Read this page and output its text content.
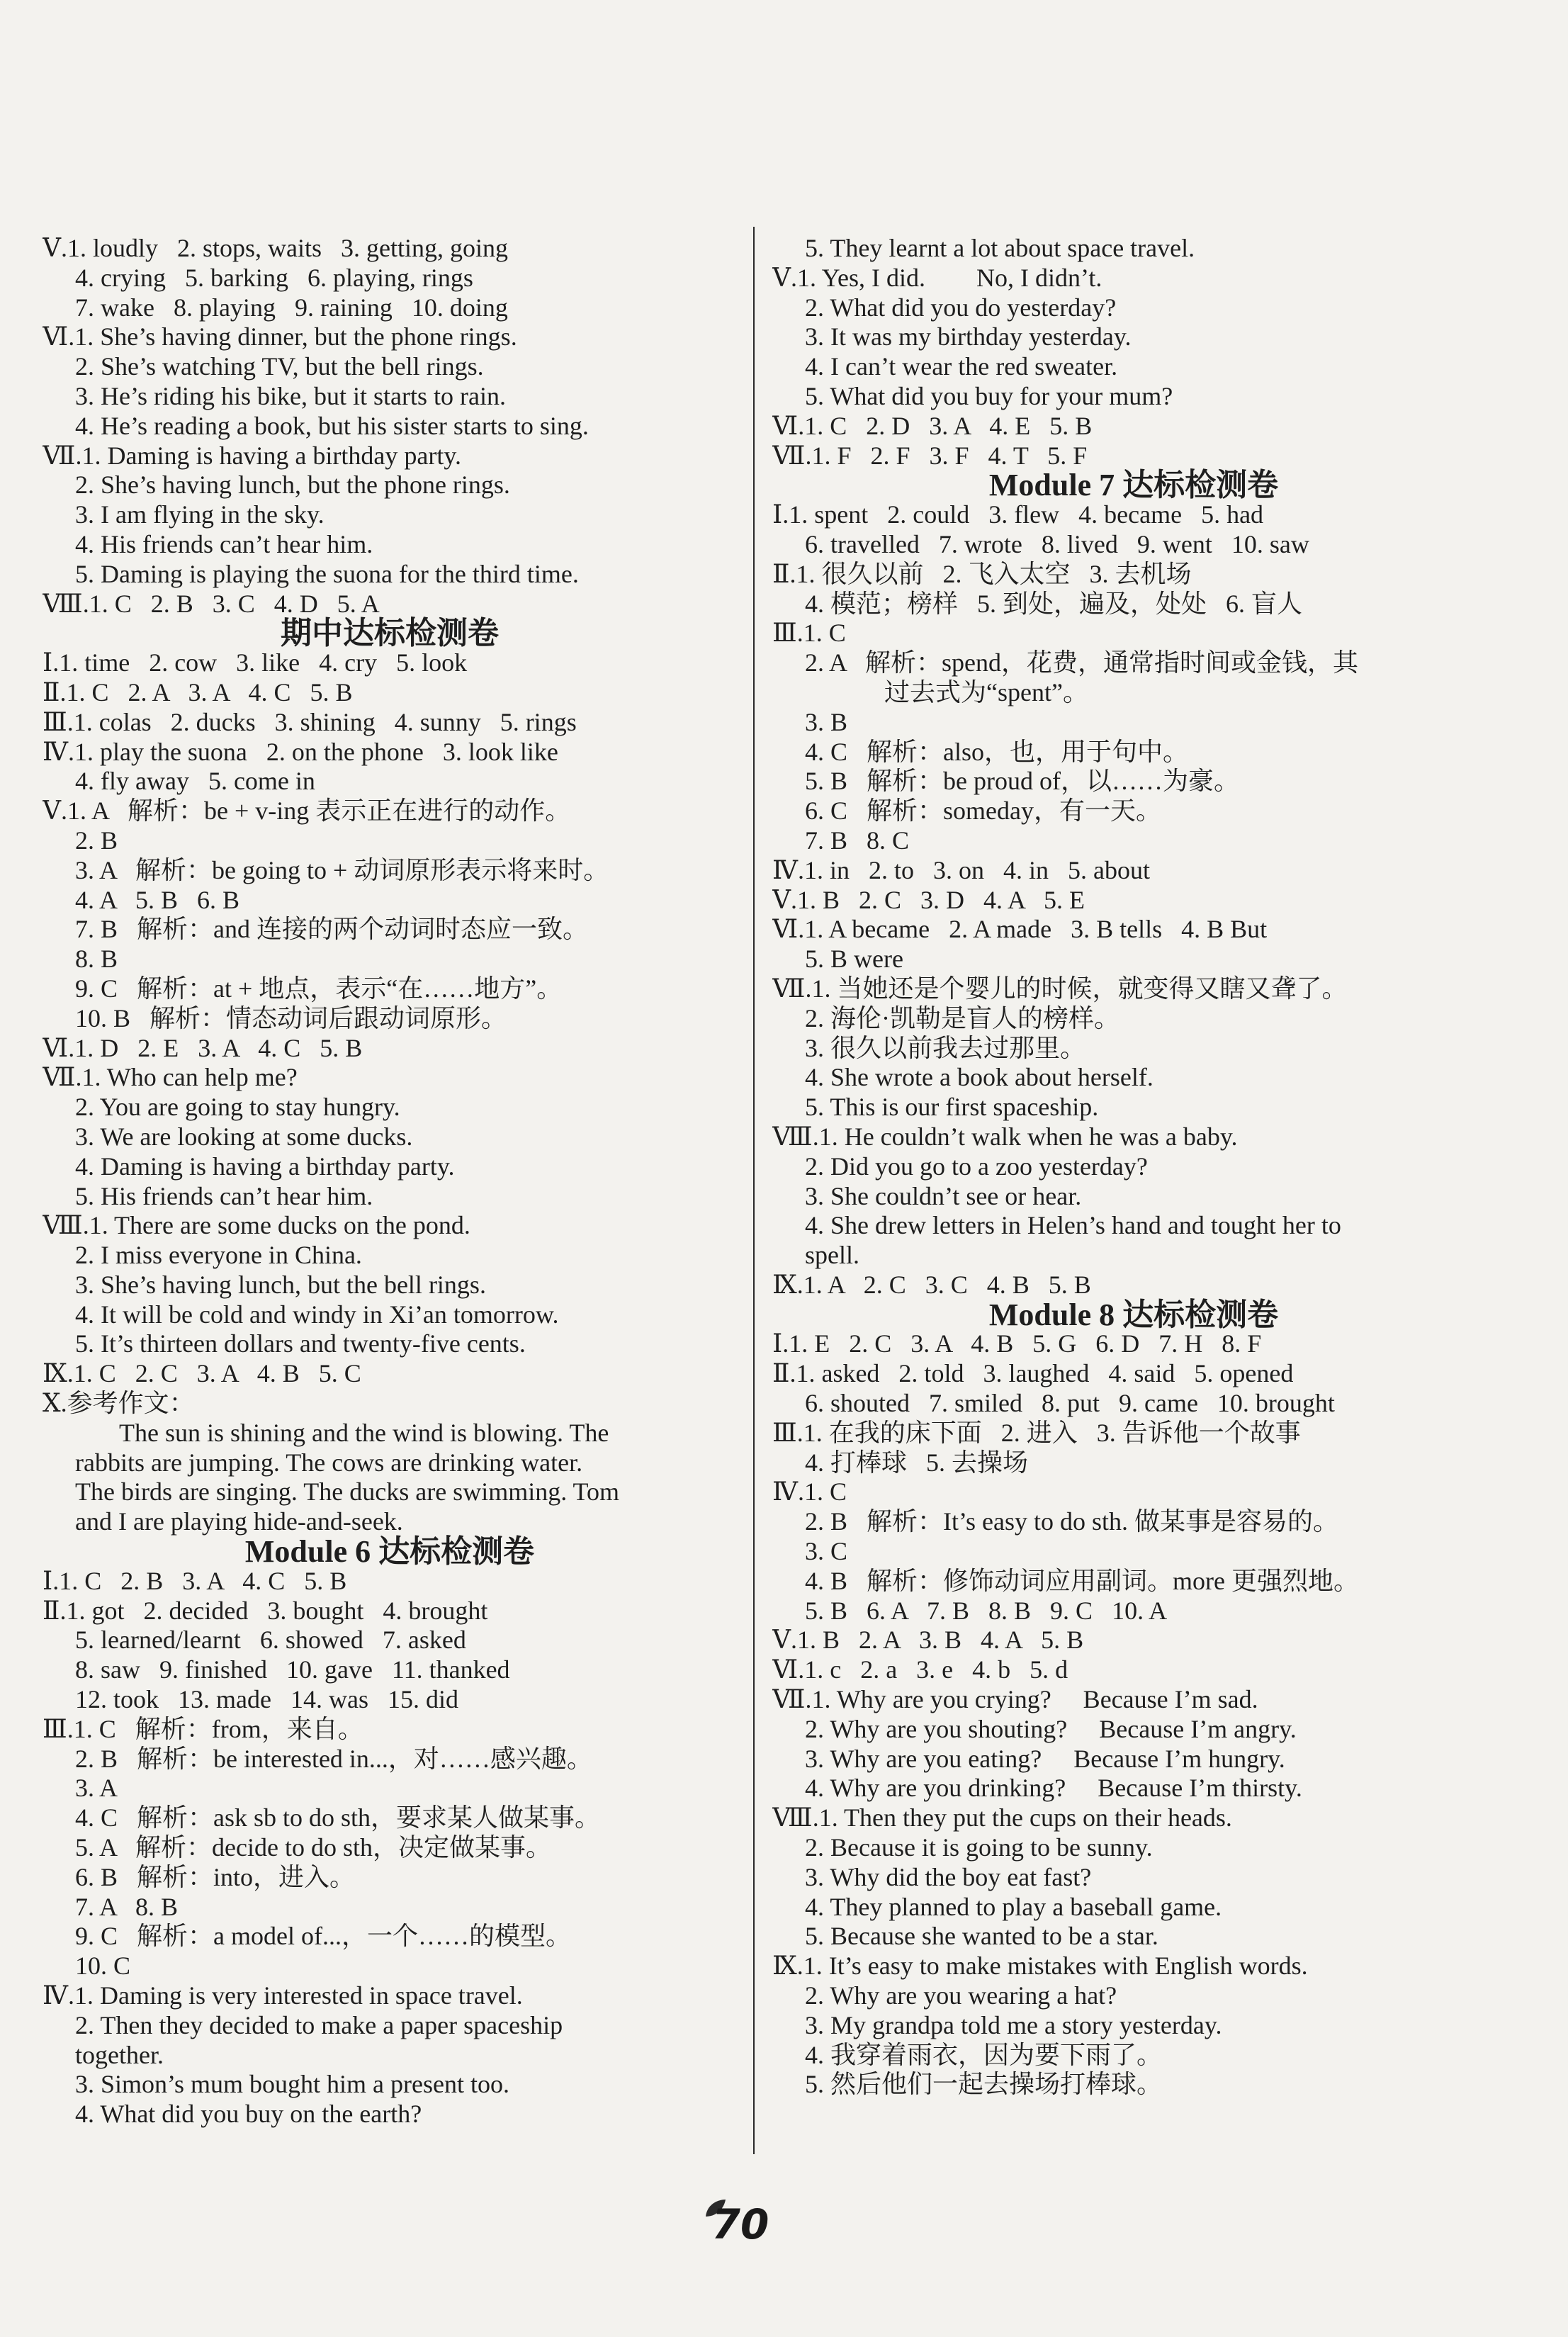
Ⅴ.1. loudly   2. stops, waits   3. getting, going
4. crying   5. barking   6. playing, rings
7. wake   8. playing   9. raining   10. doing
Ⅵ.1. She’s having dinner, but the phone rings.
2. She’s watching TV, but the bell rings.
3. He’s riding his bike, but it starts to rain.
4. He’s reading a book, but his sister starts to sing.
Ⅶ.1. Daming is having a birthday party.
2. She’s having lunch, but the phone rings.
3. I am flying in the sky.
4. His friends can’t hear him.
5. Daming is playing the suona for the third time.
Ⅷ.1. C   2. B   3. C   4. D   5. A
期中达标检测卷
Ⅰ.1. time   2. cow   3. like   4. cry   5. look
Ⅱ.1. C   2. A   3. A   4. C   5. B
Ⅲ.1. colas   2. ducks   3. shining   4. sunny   5. rings
Ⅳ.1. play the suona   2. on the phone   3. look like
4. fly away   5. come in
Ⅴ.1. A   解析：be + v-ing 表示正在进行的动作。
2. B
3. A   解析：be going to + 动词原形表示将来时。
4. A   5. B   6. B
7. B   解析：and 连接的两个动词时态应一致。
8. B
9. C   解析：at + 地点，表示“在……地方”。
10. B   解析：情态动词后跟动词原形。
Ⅵ.1. D   2. E   3. A   4. C   5. B
Ⅶ.1. Who can help me?
2. You are going to stay hungry.
3. We are looking at some ducks.
4. Daming is having a birthday party.
5. His friends can’t hear him.
Ⅷ.1. There are some ducks on the pond.
2. I miss everyone in China.
3. She’s having lunch, but the bell rings.
4. It will be cold and windy in Xi’an tomorrow.
5. It’s thirteen dollars and twenty-five cents.
Ⅸ.1. C   2. C   3. A   4. B   5. C
Ⅹ.参考作文：
The sun is shining and the wind is blowing. The
rabbits are jumping. The cows are drinking water.
The birds are singing. The ducks are swimming. Tom
and I are playing hide-and-seek.
Module 6 达标检测卷
Ⅰ.1. C   2. B   3. A   4. C   5. B
Ⅱ.1. got   2. decided   3. bought   4. brought
5. learned/learnt   6. showed   7. asked
8. saw   9. finished   10. gave   11. thanked
12. took   13. made   14. was   15. did
Ⅲ.1. C   解析：from，来自。
2. B   解析：be interested in...，对……感兴趣。
3. A
4. C   解析：ask sb to do sth，要求某人做某事。
5. A   解析：decide to do sth，决定做某事。
6. B   解析：into，进入。
7. A   8. B
9. C   解析：a model of...，一个……的模型。
10. C
Ⅳ.1. Daming is very interested in space travel.
2. Then they decided to make a paper spaceship
together.
3. Simon’s mum bought him a present too.
4. What did you buy on the earth?
5. They learnt a lot about space travel.
Ⅴ.1. Yes, I did.        No, I didn’t.
2. What did you do yesterday?
3. It was my birthday yesterday.
4. I can’t wear the red sweater.
5. What did you buy for your mum?
Ⅵ.1. C   2. D   3. A   4. E   5. B
Ⅶ.1. F   2. F   3. F   4. T   5. F
Module 7 达标检测卷
Ⅰ.1. spent   2. could   3. flew   4. became   5. had
6. travelled   7. wrote   8. lived   9. went   10. saw
Ⅱ.1. 很久以前   2. 飞入太空   3. 去机场
4. 模范；榜样   5. 到处，遍及，处处   6. 盲人
Ⅲ.1. C
2. A   解析：spend，花费，通常指时间或金钱，其
过去式为“spent”。
3. B
4. C   解析：also，也，用于句中。
5. B   解析：be proud of，以……为豪。
6. C   解析：someday，有一天。
7. B   8. C
Ⅳ.1. in   2. to   3. on   4. in   5. about
Ⅴ.1. B   2. C   3. D   4. A   5. E
Ⅵ.1. A became   2. A made   3. B tells   4. B But
5. B were
Ⅶ.1. 当她还是个婴儿的时候，就变得又瞎又聋了。
2. 海伦·凯勒是盲人的榜样。
3. 很久以前我去过那里。
4. She wrote a book about herself.
5. This is our first spaceship.
Ⅷ.1. He couldn’t walk when he was a baby.
2. Did you go to a zoo yesterday?
3. She couldn’t see or hear.
4. She drew letters in Helen’s hand and tought her to
spell.
Ⅸ.1. A   2. C   3. C   4. B   5. B
Module 8 达标检测卷
Ⅰ.1. E   2. C   3. A   4. B   5. G   6. D   7. H   8. F
Ⅱ.1. asked   2. told   3. laughed   4. said   5. opened
6. shouted   7. smiled   8. put   9. came   10. brought
Ⅲ.1. 在我的床下面   2. 进入   3. 告诉他一个故事
4. 打棒球   5. 去操场
Ⅳ.1. C
2. B   解析：It’s easy to do sth. 做某事是容易的。
3. C
4. B   解析：修饰动词应用副词。more 更强烈地。
5. B   6. A   7. B   8. B   9. C   10. A
Ⅴ.1. B   2. A   3. B   4. A   5. B
Ⅵ.1. c   2. a   3. e   4. b   5. d
Ⅶ.1. Why are you crying?     Because I’m sad.
2. Why are you shouting?     Because I’m angry.
3. Why are you eating?     Because I’m hungry.
4. Why are you drinking?     Because I’m thirsty.
Ⅷ.1. Then they put the cups on their heads.
2. Because it is going to be sunny.
3. Why did the boy eat fast?
4. They planned to play a baseball game.
5. Because she wanted to be a star.
Ⅸ.1. It’s easy to make mistakes with English words.
2. Why are you wearing a hat?
3. My grandpa told me a story yesterday.
4. 我穿着雨衣，因为要下雨了。
5. 然后他们一起去操场打棒球。
70
